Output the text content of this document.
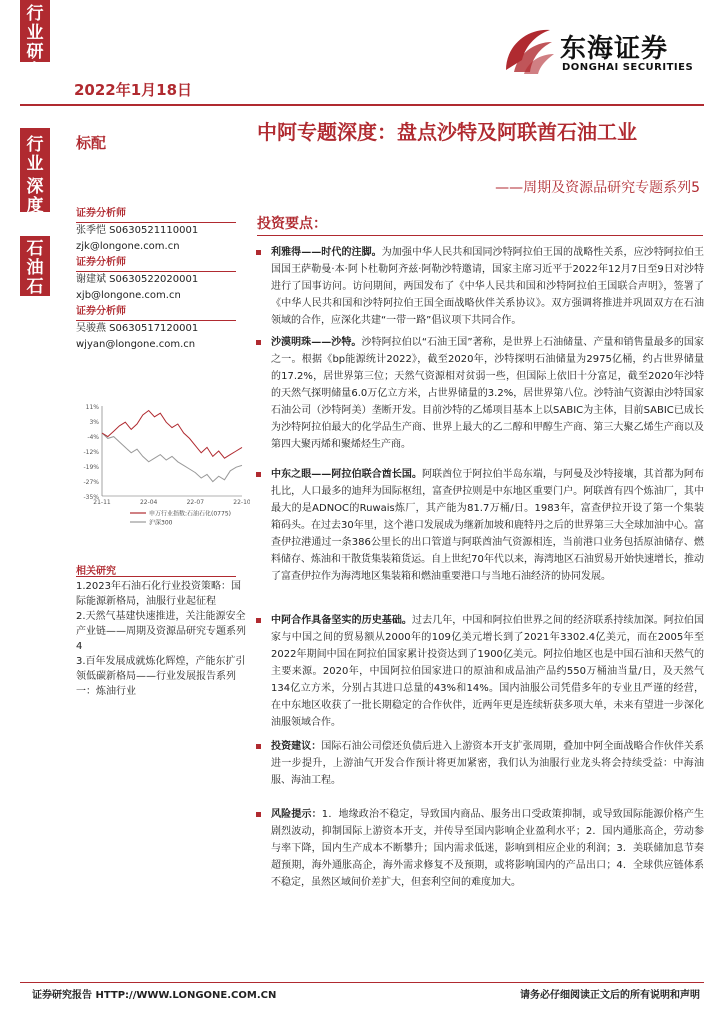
行业
研究
2022年1月18日
东海证券
DONGHAI SECURITIES
行业
深度
石油
石化
标配	中阿专题深度：盘点沙特及阿联酋石油工业
——周期及资源品研究专题系列5
证券分析师
张季恺 S0630521110001
zjk@longone.com.cn
证券分析师
谢建斌 S0630522020001
xjb@longone.com.cn
证券分析师
吴骏燕 S0630517120001
wjyan@longone.com.cn
11%
3%
-4%
-12%
-19%
-27%
-35%
21-11	22-04	22-07	22-10
申万行业指数:石油石化(0775)
沪深300
相关研究
1.2023年石油石化行业投资策略：国际能源新格局，油服行业起征程
2.天然气基建快速推进，关注能源安全产业链——周期及资源品研究专题系列4
3.百年发展成就炼化辉煌，产能东扩引领低碳新格局——行业发展报告系列一：炼油行业
投资要点：

利雅得——时代的注脚。为加强中华人民共和国同沙特阿拉伯王国的战略性关系，应沙特阿拉伯王国国王萨勒曼·本·阿卜杜勒阿齐兹·阿勒沙特邀请，国家主席习近平于2022年12月7日至9日对沙特进行了国事访问。访问期间，两国发布了《中华人民共和国和沙特阿拉伯王国联合声明》，签署了《中华人民共和国和沙特阿拉伯王国全面战略伙伴关系协议》。双方强调将推进并巩固双方在石油领域的合作，应深化共建“一带一路”倡议项下共同合作。

沙漠明珠——沙特。沙特阿拉伯以“石油王国”著称，是世界上石油储量、产量和销售量最多的国家之一。根据《bp能源统计2022》，截至2020年，沙特探明石油储量为2975亿桶，约占世界储量的17.2%，居世界第三位；天然气资源相对贫弱一些，但国际上依旧十分富足，截至2020年沙特的天然气探明储量6.0万亿立方米，占世界储量的3.2%，居世界第八位。沙特油气资源由沙特国家石油公司（沙特阿美）垄断开发。目前沙特的乙烯项目基本上以SABIC为主体，目前SABIC已成长为沙特阿拉伯最大的化学品生产商、世界上最大的乙二醇和甲醇生产商、第三大聚乙烯生产商以及第四大聚丙烯和聚烯烃生产商。

中东之眼——阿拉伯联合酋长国。阿联酋位于阿拉伯半岛东端，与阿曼及沙特接壤，其首都为阿布扎比，人口最多的迪拜为国际枢纽，富查伊拉则是中东地区重要门户。阿联酋有四个炼油厂，其中最大的是ADNOC的Ruwais炼厂，其产能为81.7万桶/日。1983年，富查伊拉开设了第一个集装箱码头。在过去30年里，这个港口发展成为继新加坡和鹿特丹之后的世界第三大全球加油中心。富查伊拉港通过一条386公里长的出口管道与阿联酋油气资源相连，当前港口业务包括原油储存、燃料储存、炼油和干散货集装箱货运。自上世纪70年代以来，海湾地区石油贸易开始快速增长，推动了富查伊拉作为海湾地区集装箱和燃油重要港口与当地石油经济的协同发展。

中阿合作具备坚实的历史基础。过去几年，中国和阿拉伯世界之间的经济联系持续加深。阿拉伯国家与中国之间的贸易额从2000年的109亿美元增长到了2021年3302.4亿美元，而在2005年至2022年期间中国在阿拉伯国家累计投资达到了1900亿美元。阿拉伯地区也是中国石油和天然气的主要来源。2020年，中国阿拉伯国家进口的原油和成品油产品约550万桶油当量/日，及天然气134亿立方米，分别占其进口总量的43%和14%。国内油服公司凭借多年的专业且严谨的经营，在中东地区收获了一批长期稳定的合作伙伴，近两年更是连续斩获多项大单，未来有望进一步深化油服领域合作。

投资建议：国际石油公司偿还负债后进入上游资本开支扩张周期，叠加中阿全面战略合作伙伴关系进一步提升，上游油气开发合作预计将更加紧密，我们认为油服行业龙头将会持续受益：中海油服、海油工程。

风险提示：1．地缘政治不稳定，导致国内商品、服务出口受政策抑制，或导致国际能源价格产生剧烈波动，抑制国际上游资本开支，并传导至国内影响企业盈利水平；2．国内通胀高企，劳动参与率下降，国内生产成本不断攀升；国内需求低迷，影响到相应企业的利润；3．美联储加息节奏超预期，海外通胀高企，海外需求修复不及预期，或将影响国内的产品出口；4．全球供应链体系不稳定，虽然区域间价差扩大，但套利空间的难度加大。

证券研究报告 HTTP://WWW.LONGONE.COM.CN	请务必仔细阅读正文后的所有说明和声明
